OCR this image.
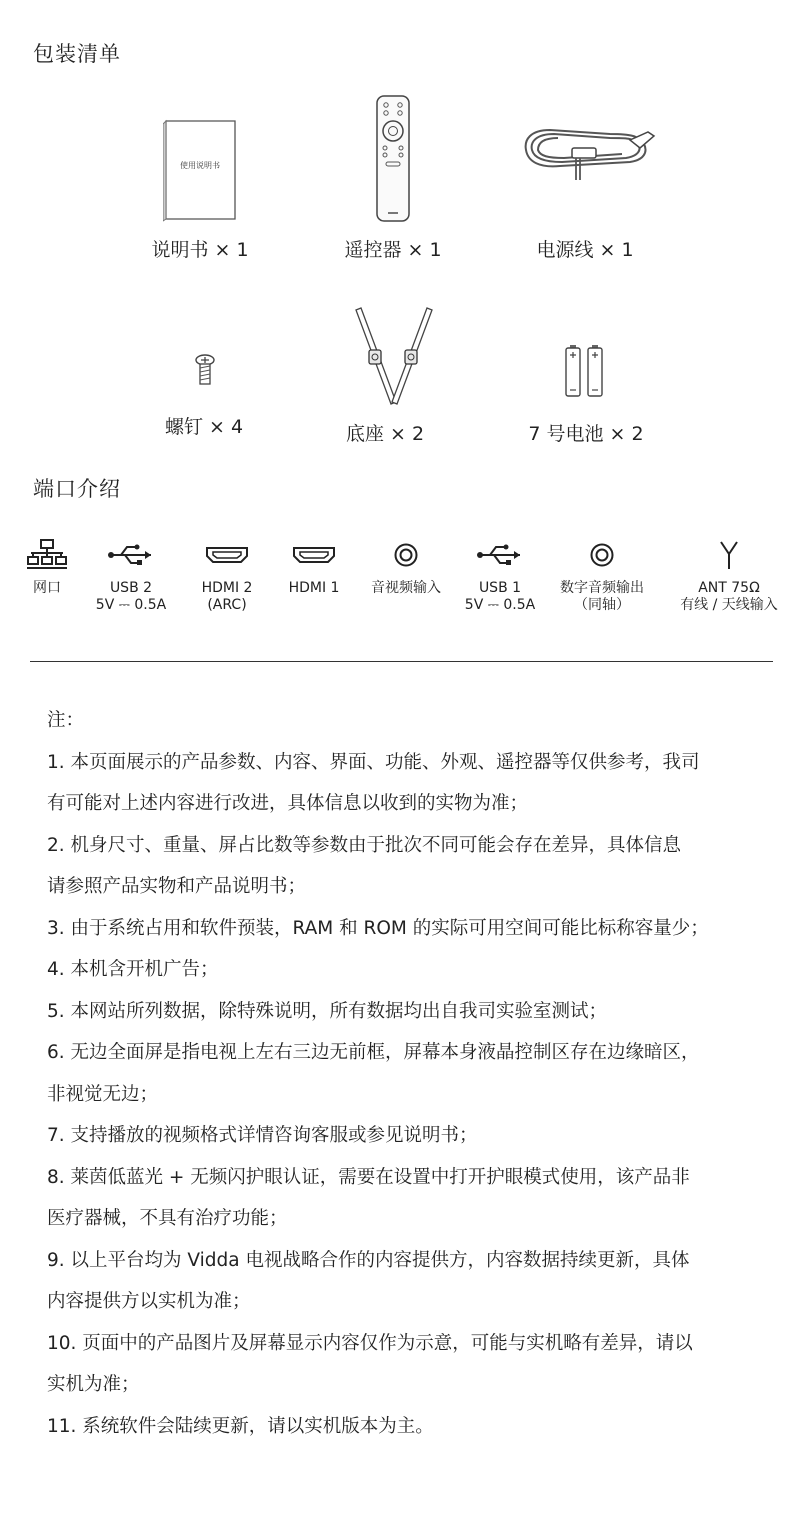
包装清单
使用说明书
说明书 × 1	遥控器 × 1	电源线 × 1
螺钉 × 4	底座 × 2	7 号电池 × 2
端口介绍
网口	USB 2
5V ⎓ 0.5A
HDMI 2
(ARC)
HDMI 1	音视频输入	USB 1
5V ⎓ 0.5A
数字音频输出
（同轴）
ANT 75Ω
有线 / 天线输入

注：

1. 本页面展示的产品参数、内容、界面、功能、外观、遥控器等仅供参考，我司

有可能对上述内容进行改进，具体信息以收到的实物为准；

2. 机身尺寸、重量、屏占比数等参数由于批次不同可能会存在差异，具体信息

请参照产品实物和产品说明书；

3. 由于系统占用和软件预装，RAM 和 ROM 的实际可用空间可能比标称容量少；

4. 本机含开机广告；

5. 本网站所列数据，除特殊说明，所有数据均出自我司实验室测试；

6. 无边全面屏是指电视上左右三边无前框，屏幕本身液晶控制区存在边缘暗区，

非视觉无边；

7. 支持播放的视频格式详情咨询客服或参见说明书；

8. 莱茵低蓝光 + 无频闪护眼认证，需要在设置中打开护眼模式使用，该产品非

医疗器械，不具有治疗功能；

9. 以上平台均为 Vidda 电视战略合作的内容提供方，内容数据持续更新，具体

内容提供方以实机为准；

10. 页面中的产品图片及屏幕显示内容仅作为示意，可能与实机略有差异，请以

实机为准；

11. 系统软件会陆续更新，请以实机版本为主。
